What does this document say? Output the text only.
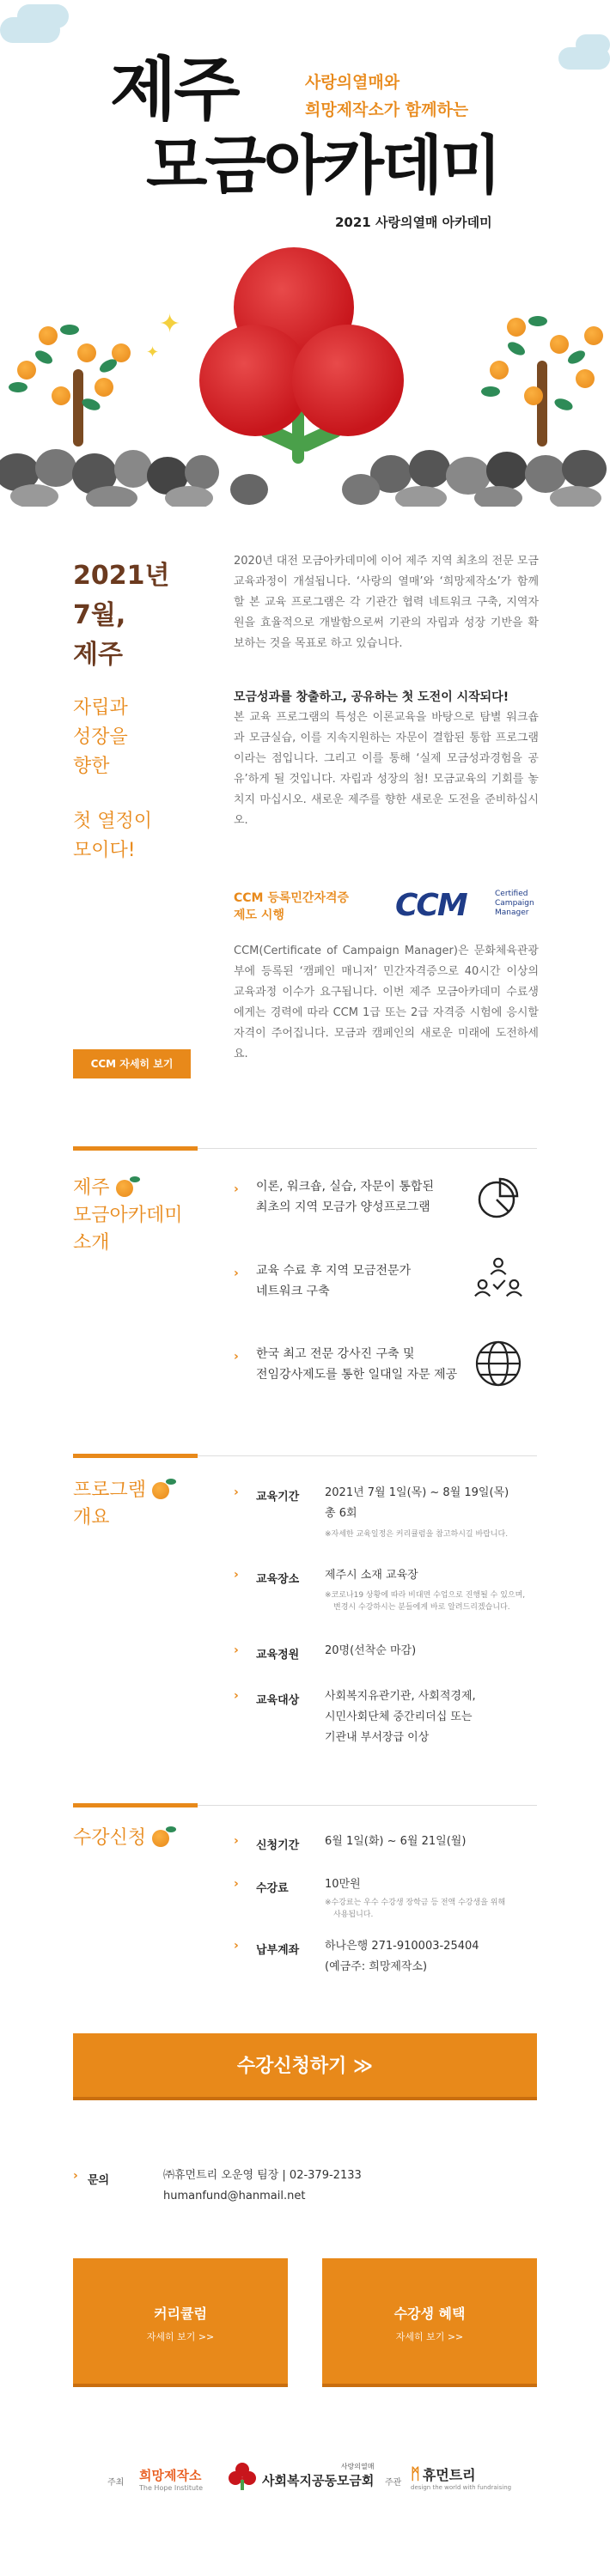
제주	사랑의열매와
희망제작소가 함께하는
모금아카데미
2021 사랑의열매 아카데미
✦
✦
2021년
7월,
제주
자립과
성장을
향한
첫 열정이
모이다!
2020년 대전 모금아카데미에 이어 제주 지역 최초의 전문 모금교육과정이 개설됩니다. ‘사랑의 열매’와 ‘희망제작소’가 함께 할 본 교육 프로그램은 각 기관간 협력 네트워크 구축, 지역자원을 효율적으로 개발함으로써 기관의 자립과 성장 기반을 확보하는 것을 목표로 하고 있습니다.
모금성과를 창출하고, 공유하는 첫 도전이 시작되다!
본 교육 프로그램의 특성은 이론교육을 바탕으로 탐별 워크숍과 모금실습, 이를 지속지원하는 자문이 결합된 통합 프로그램이라는 점입니다. 그리고 이를 통해 ‘실제 모금성과경험을 공유’하게 될 것입니다. 자립과 성장의 첨! 모금교육의 기회를 놓치지 마십시오. 새로운 제주를 향한 새로운 도전을 준비하십시오.
CCM 등록민간자격증
제도 시행	CCM	Certified
Campaign
Manager
CCM(Certificate of Campaign Manager)은 문화체육관광부에 등록된 ‘캠페인 매니저’ 민간자격증으로 40시간 이상의 교육과정 이수가 요구됩니다. 이번 제주 모금아카데미 수료생에게는 경력에 따라 CCM 1급 또는 2급 자격증 시험에 응시할 자격이 주어집니다. 모금과 캠페인의 새로운 미래에 도전하세요.
CCM 자세히 보기
제주
모금아카데미
소개
› 이론, 워크숍, 실습, 자문이 통합된
최초의 지역 모금가 양성프로그램
› 교육 수료 후 지역 모금전문가
네트워크 구축
› 한국 최고 전문 강사진 구축 및
전임강사제도를 통한 일대일 자문 제공
프로그램
개요
› 교육기간 2021년 7월 1일(목) ~ 8월 19일(목)
총 6회
※자세한 교육일정은 커리큘럼을 참고하시길 바랍니다.
› 교육장소 제주시 소재 교육장
※코로나19 상황에 따라 비대면 수업으로 진행될 수 있으며,
변경시 수강하시는 분들에게 바로 알려드리겠습니다.
› 교육정원 20명(선착순 마감)
› 교육대상 사회복지유관기관, 사회적경제,
시민사회단체 중간리더십 또는
기관내 부서장급 이상
수강신청	› 신청기간 6월 1일(화) ~ 6월 21일(월)
› 수강료	10만원
※수강료는 우수 수강생 장학금 등 전액 수강생을 위해
사용됩니다.
› 납부계좌 하나은행 271-910003-25404
(예금주: 희망제작소)
수강신청하기 ≫
› 문의	㈜휴먼트리 오운영 팀장 | 02-379-2133
humanfund@hanmail.net
커리큘럼
자세히 보기 >>
수강생 혜택
자세히 보기 >>
주최 희망제작소
The Hope Institute
사랑의열매
사회복지공동모금회 주관 ᛗ 휴먼트리
design the world with fundraising
